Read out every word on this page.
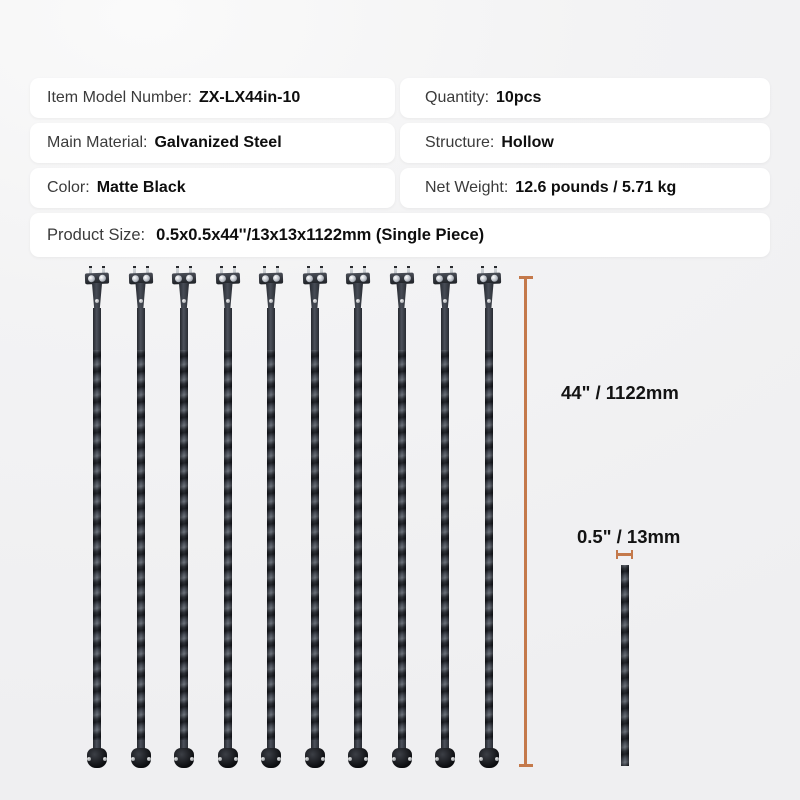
Item Model Number: ZX-LX44in-10	Quantity: 10pcs
Main Material: Galvanized Steel	Structure: Hollow
Color: Matte Black	Net Weight: 12.6 pounds / 5.71 kg
Product Size: 0.5x0.5x44''/13x13x1122mm (Single Piece)
44" / 1122mm
0.5" / 13mm
